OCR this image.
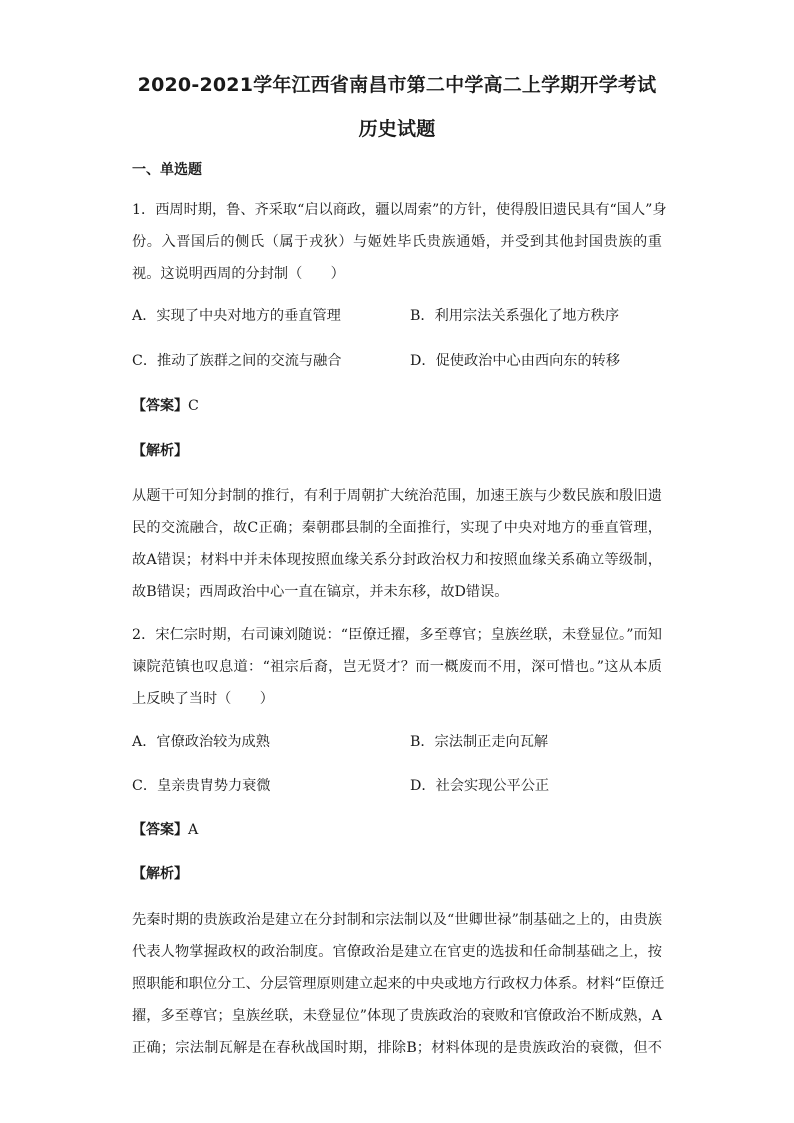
2020-2021学年江西省南昌市第二中学高二上学期开学考试
历史试题
一、单选题
1．西周时期，鲁、齐采取“启以商政，疆以周索”的方针，使得殷旧遗民具有“国人”身
份。入晋国后的侧氏（属于戎狄）与姬姓毕氏贵族通婚，并受到其他封国贵族的重
视。这说明西周的分封制（　　）
A．实现了中央对地方的垂直管理	B．利用宗法关系强化了地方秩序
C．推动了族群之间的交流与融合	D．促使政治中心由西向东的转移
【答案】C
【解析】
从题干可知分封制的推行，有利于周朝扩大统治范围，加速王族与少数民族和殷旧遗
民的交流融合，故C正确；秦朝郡县制的全面推行，实现了中央对地方的垂直管理，
故A错误；材料中并未体现按照血缘关系分封政治权力和按照血缘关系确立等级制，
故B错误；西周政治中心一直在镐京，并未东移，故D错误。
2．宋仁宗时期，右司谏刘随说：“臣僚迁擢，多至尊官；皇族丝联，未登显位。”而知
谏院范镇也叹息道：“祖宗后裔，岂无贤才？而一概废而不用，深可惜也。”这从本质
上反映了当时（　　）
A．官僚政治较为成熟	B．宗法制正走向瓦解
C．皇亲贵胄势力衰微	D．社会实现公平公正
【答案】A
【解析】
先秦时期的贵族政治是建立在分封制和宗法制以及“世卿世禄”制基础之上的，由贵族
代表人物掌握政权的政治制度。官僚政治是建立在官吏的选拔和任命制基础之上，按
照职能和职位分工、分层管理原则建立起来的中央或地方行政权力体系。材料“臣僚迁
擢，多至尊官；皇族丝联，未登显位”体现了贵族政治的衰败和官僚政治不断成熟，A
正确；宗法制瓦解是在春秋战国时期，排除B；材料体现的是贵族政治的衰微，但不
